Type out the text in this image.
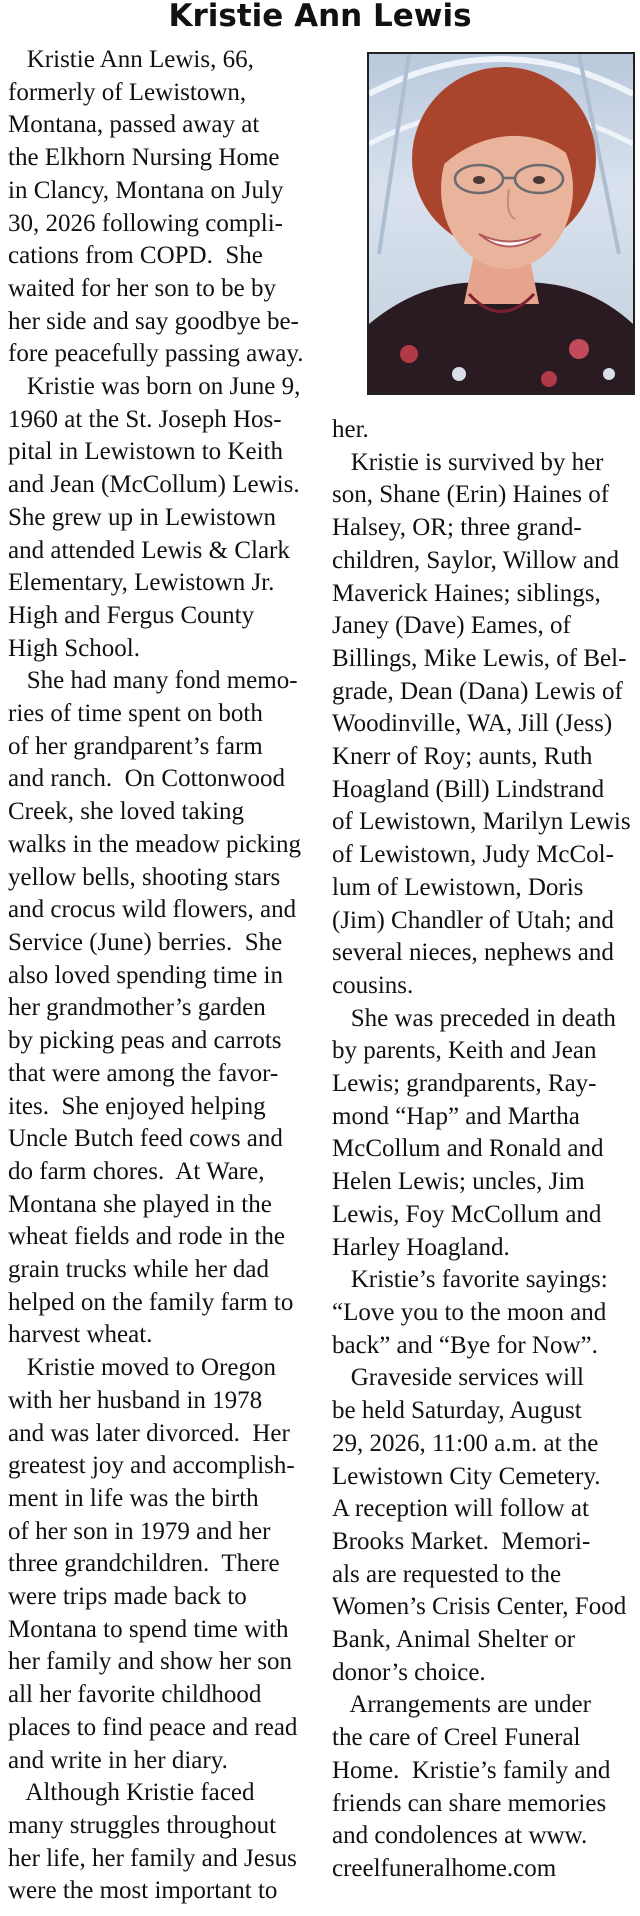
Kristie Ann Lewis

Kristie Ann Lewis, 66,

formerly of Lewistown,

Montana, passed away at

the Elkhorn Nursing Home

in Clancy, Montana on July

30, 2026 following compli-

cations from COPD.  She

waited for her son to be by

her side and say goodbye be-

fore peacefully passing away.

Kristie was born on June 9,

1960 at the St. Joseph Hos-

pital in Lewistown to Keith

and Jean (McCollum) Lewis.

She grew up in Lewistown

and attended Lewis & Clark

Elementary, Lewistown Jr.

High and Fergus County

High School.

She had many fond memo-

ries of time spent on both

of her grandparent’s farm

and ranch.  On Cottonwood

Creek, she loved taking

walks in the meadow picking

yellow bells, shooting stars

and crocus wild flowers, and

Service (June) berries.  She

also loved spending time in

her grandmother’s garden

by picking peas and carrots

that were among the favor-

ites.  She enjoyed helping

Uncle Butch feed cows and

do farm chores.  At Ware,

Montana she played in the

wheat fields and rode in the

grain trucks while her dad

helped on the family farm to

harvest wheat.

Kristie moved to Oregon

with her husband in 1978

and was later divorced.  Her

greatest joy and accomplish-

ment in life was the birth

of her son in 1979 and her

three grandchildren.  There

were trips made back to

Montana to spend time with

her family and show her son

all her favorite childhood

places to find peace and read

and write in her diary.

Although Kristie faced

many struggles throughout

her life, her family and Jesus

were the most important to

her.

Kristie is survived by her

son, Shane (Erin) Haines of

Halsey, OR; three grand-

children, Saylor, Willow and

Maverick Haines; siblings,

Janey (Dave) Eames, of

Billings, Mike Lewis, of Bel-

grade, Dean (Dana) Lewis of

Woodinville, WA, Jill (Jess)

Knerr of Roy; aunts, Ruth

Hoagland (Bill) Lindstrand

of Lewistown, Marilyn Lewis

of Lewistown, Judy McCol-

lum of Lewistown, Doris

(Jim) Chandler of Utah; and

several nieces, nephews and

cousins.

She was preceded in death

by parents, Keith and Jean

Lewis; grandparents, Ray-

mond “Hap” and Martha

McCollum and Ronald and

Helen Lewis; uncles, Jim

Lewis, Foy McCollum and

Harley Hoagland.

Kristie’s favorite sayings:

“Love you to the moon and

back” and “Bye for Now”.

Graveside services will

be held Saturday, August

29, 2026, 11:00 a.m. at the

Lewistown City Cemetery.

A reception will follow at

Brooks Market.  Memori-

als are requested to the

Women’s Crisis Center, Food

Bank, Animal Shelter or

donor’s choice.

Arrangements are under

the care of Creel Funeral

Home.  Kristie’s family and

friends can share memories

and condolences at www.

creelfuneralhome.com
